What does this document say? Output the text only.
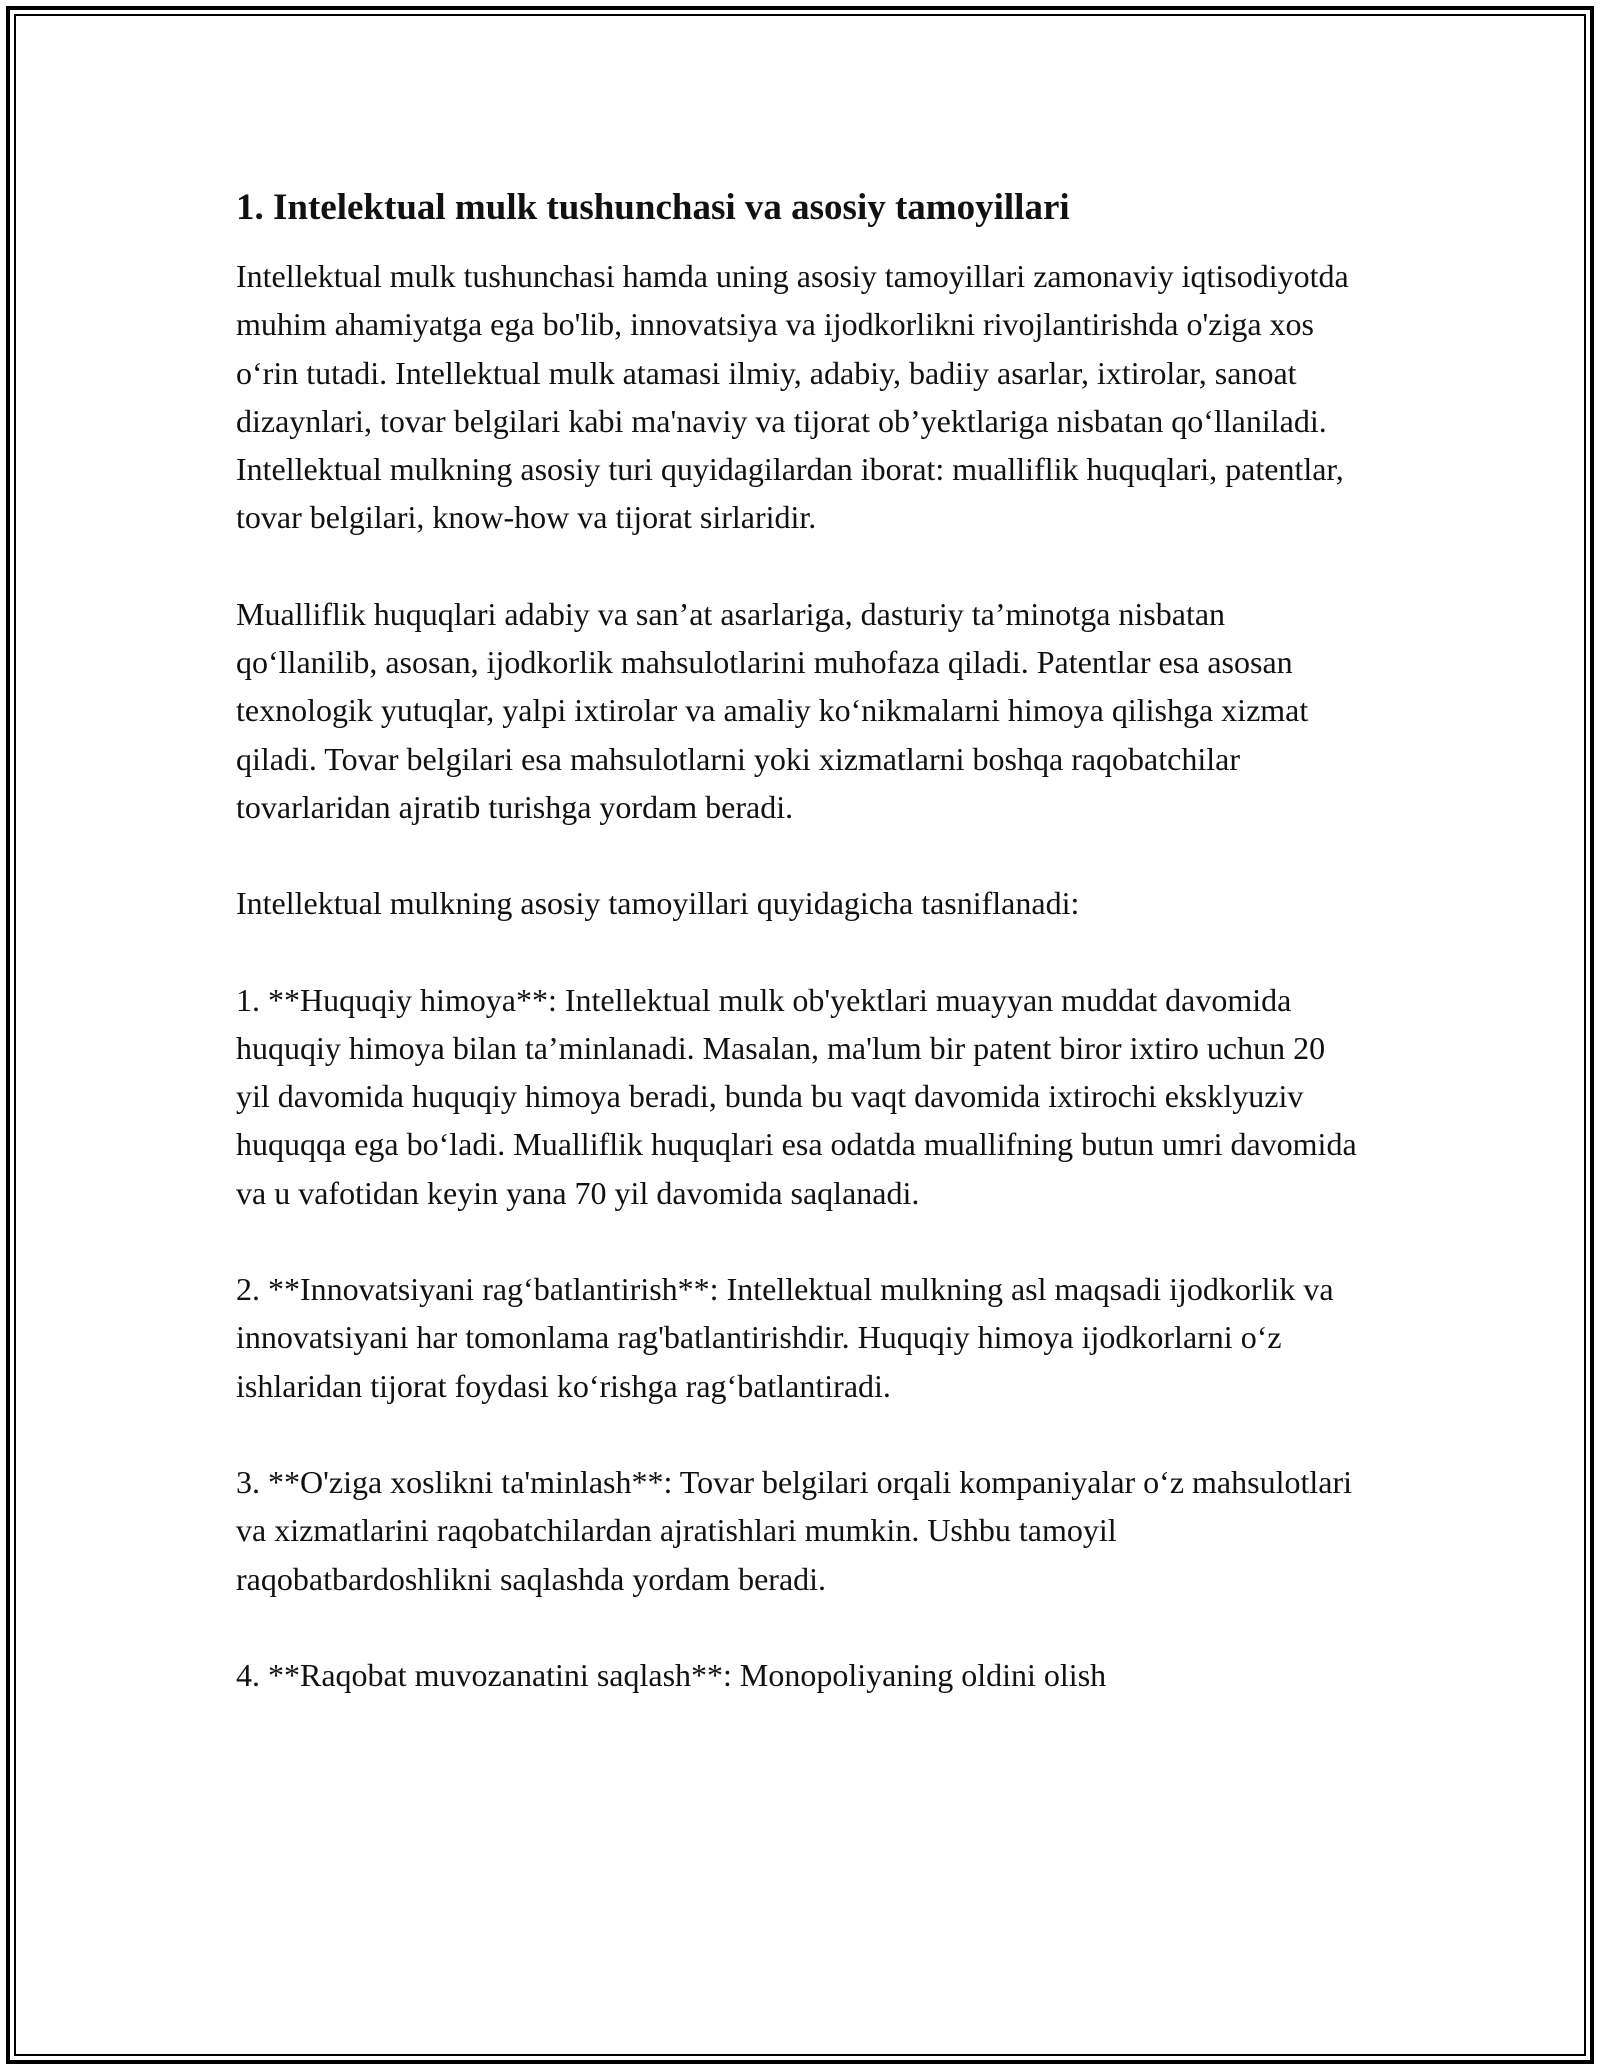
1. Intelektual mulk tushunchasi va asosiy tamoyillari

Intellektual mulk tushunchasi hamda uning asosiy tamoyillari zamonaviy iqtisodiyotda muhim ahamiyatga ega bo'lib, innovatsiya va ijodkorlikni rivojlantirishda o'ziga xos o‘rin tutadi. Intellektual mulk atamasi ilmiy, adabiy, badiiy asarlar, ixtirolar, sanoat dizaynlari, tovar belgilari kabi ma'naviy va tijorat ob’yektlariga nisbatan qo‘llaniladi. Intellektual mulkning asosiy turi quyidagilardan iborat: mualliflik huquqlari, patentlar, tovar belgilari, know-how va tijorat sirlaridir.

Mualliflik huquqlari adabiy va san’at asarlariga, dasturiy ta’minotga nisbatan qo‘llanilib, asosan, ijodkorlik mahsulotlarini muhofaza qiladi. Patentlar esa asosan texnologik yutuqlar, yalpi ixtirolar va amaliy ko‘nikmalarni himoya qilishga xizmat qiladi. Tovar belgilari esa mahsulotlarni yoki xizmatlarni boshqa raqobatchilar tovarlaridan ajratib turishga yordam beradi.

Intellektual mulkning asosiy tamoyillari quyidagicha tasniflanadi:

1. **Huquqiy himoya**: Intellektual mulk ob'yektlari muayyan muddat davomida huquqiy himoya bilan ta’minlanadi. Masalan, ma'lum bir patent biror ixtiro uchun 20 yil davomida huquqiy himoya beradi, bunda bu vaqt davomida ixtirochi eksklyuziv huquqqa ega bo‘ladi. Mualliflik huquqlari esa odatda muallifning butun umri davomida va u vafotidan keyin yana 70 yil davomida saqlanadi.

2. **Innovatsiyani rag‘batlantirish**: Intellektual mulkning asl maqsadi ijodkorlik va innovatsiyani har tomonlama rag'batlantirishdir. Huquqiy himoya ijodkorlarni o‘z ishlaridan tijorat foydasi ko‘rishga rag‘batlantiradi.

3. **O'ziga xoslikni ta'minlash**: Tovar belgilari orqali kompaniyalar o‘z mahsulotlari va xizmatlarini raqobatchilardan ajratishlari mumkin. Ushbu tamoyil raqobatbardoshlikni saqlashda yordam beradi.

4. **Raqobat muvozanatini saqlash**: Monopoliyaning oldini olish
